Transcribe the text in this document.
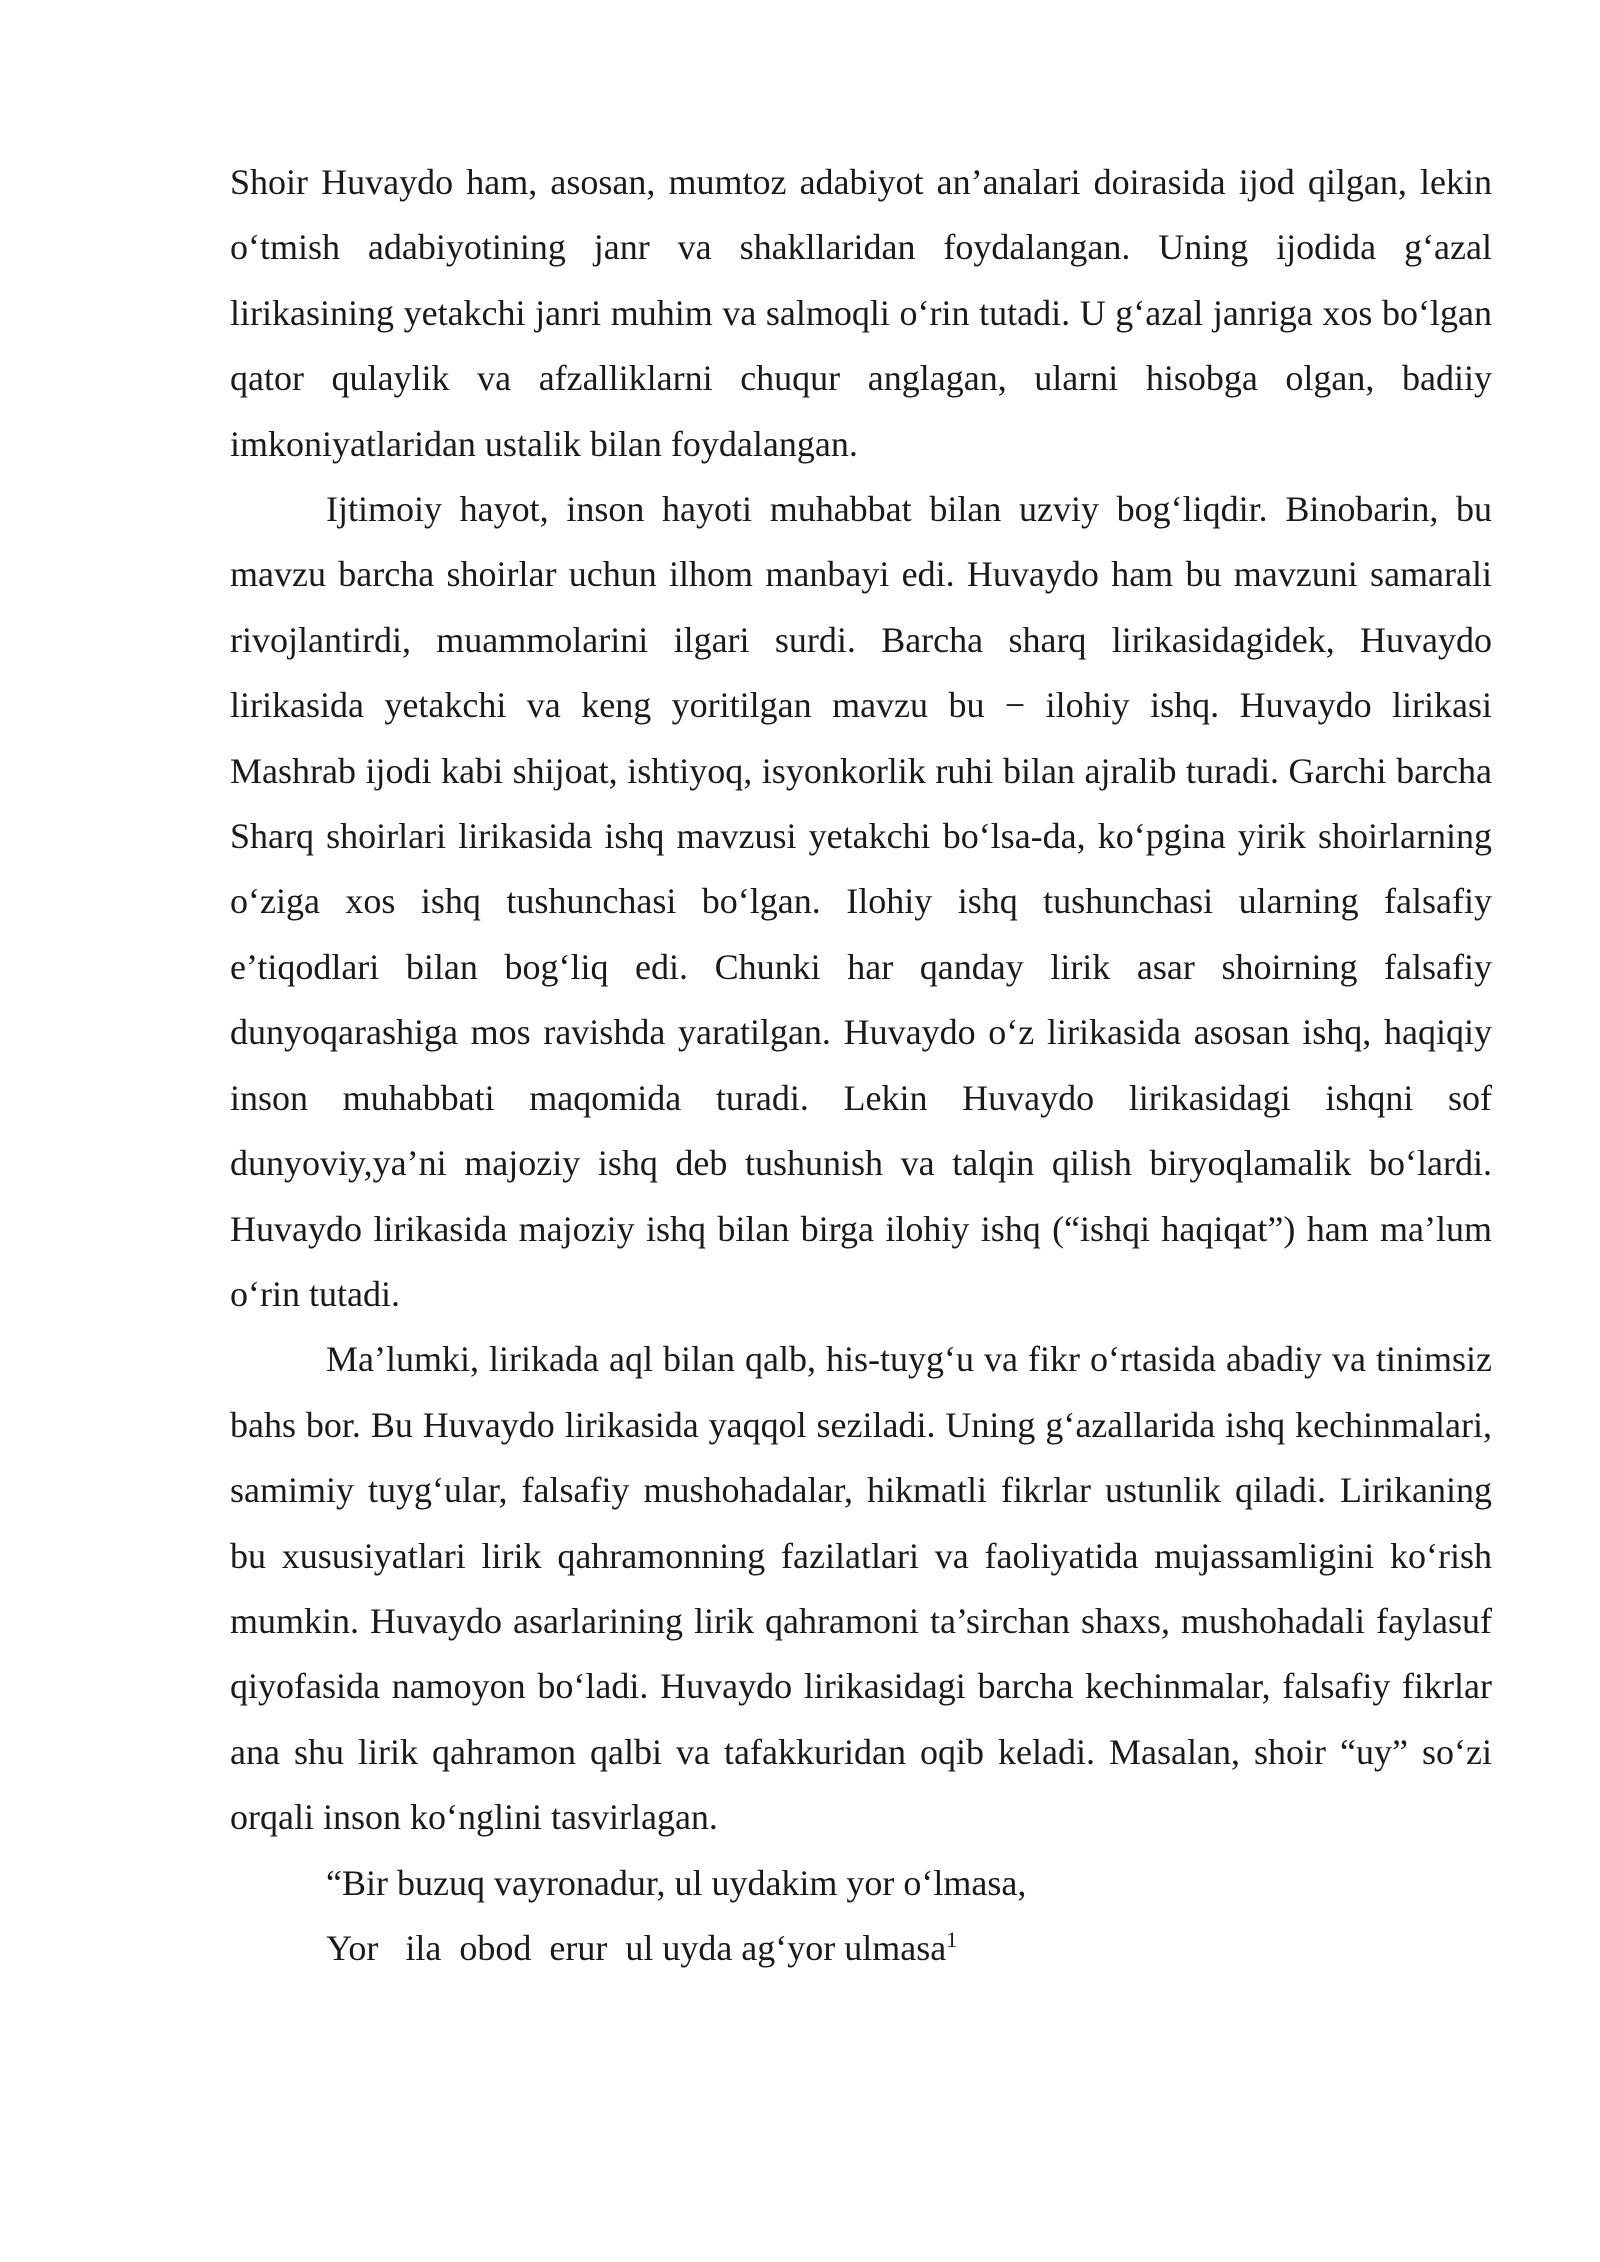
Shoir Huvaydo ham, asosan, mumtoz adabiyot an’analari doirasida ijod qilgan, lekin o‘tmish adabiyotining janr va shakllaridan foydalangan. Uning ijodida g‘azal lirikasining yetakchi janri muhim va salmoqli o‘rin tutadi. U g‘azal janriga xos bo‘lgan qator qulaylik va afzalliklarni chuqur anglagan, ularni hisobga olgan, badiiy imkoniyatlaridan ustalik bilan foydalangan.

Ijtimoiy hayot, inson hayoti muhabbat bilan uzviy bog‘liqdir. Binobarin, bu mavzu barcha shoirlar uchun ilhom manbayi edi. Huvaydo ham bu mavzuni samarali rivojlantirdi, muammolarini ilgari surdi. Barcha sharq lirikasidagidek, Huvaydo lirikasida yetakchi va keng yoritilgan mavzu bu − ilohiy ishq. Huvaydo lirikasi Mashrab ijodi kabi shijoat, ishtiyoq, isyonkorlik ruhi bilan ajralib turadi. Garchi barcha Sharq shoirlari lirikasida ishq mavzusi yetakchi bo‘lsa-da, ko‘pgina yirik shoirlarning o‘ziga xos ishq tushunchasi bo‘lgan. Ilohiy ishq tushunchasi ularning falsafiy e’tiqodlari bilan bog‘liq edi. Chunki har qanday lirik asar shoirning falsafiy dunyoqarashiga mos ravishda yaratilgan. Huvaydo o‘z lirikasida asosan ishq, haqiqiy inson muhabbati maqomida turadi. Lekin Huvaydo lirikasidagi ishqni sof dunyoviy,ya’ni majoziy ishq deb tushunish va talqin qilish biryoqlamalik bo‘lardi. Huvaydo lirikasida majoziy ishq bilan birga ilohiy ishq (“ishqi haqiqat”) ham ma’lum o‘rin tutadi.

Ma’lumki, lirikada aql bilan qalb, his-tuyg‘u va fikr o‘rtasida abadiy va tinimsiz bahs bor. Bu Huvaydo lirikasida yaqqol seziladi. Uning g‘azallarida ishq kechinmalari, samimiy tuyg‘ular, falsafiy mushohadalar, hikmatli fikrlar ustunlik qiladi. Lirikaning bu xususiyatlari lirik qahramonning fazilatlari va faoliyatida mujassamligini ko‘rish mumkin. Huvaydo asarlarining lirik qahramoni ta’sirchan shaxs, mushohadali faylasuf qiyofasida namoyon bo‘ladi. Huvaydo lirikasidagi barcha kechinmalar, falsafiy fikrlar ana shu lirik qahramon qalbi va tafakkuridan oqib keladi. Masalan, shoir “uy” so‘zi orqali inson ko‘nglini tasvirlagan.

“Bir buzuq vayronadur, ul uydakim yor o‘lmasa,

Yor   ila  obod  erur  ul uyda ag‘yor ulmasa$^1$
